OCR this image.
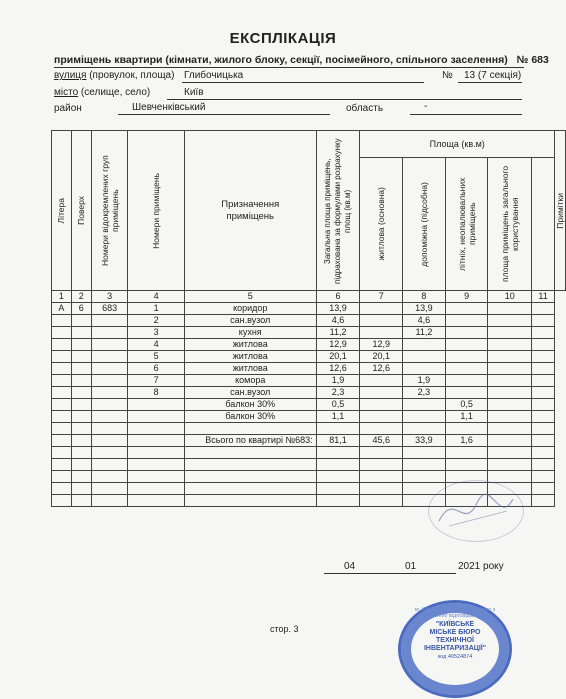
ЕКСПЛІКАЦІЯ
приміщень квартири (кімнати, жилого блоку, секції, посімейного, спільного заселення) № 683
вулиця (провулок, площа) Глибочицька	№ 13 (7 секція)
місто (селище, село)	Київ
район	Шевченківський	область	-
Літера	Поверх	Номери відокремлених груп приміщень	Номери приміщень	Призначення приміщень	Загальна площа приміщень, підрахована за формулами розрахунку площ (кв.м)	Площа (кв.м)					Примітки

						житлова (основна)	допоміжна (підсобна)	літніх, неопалювальних приміщень	площа приміщень загального користування		

1	2	3	4	5	6	7	8	9	10	11	
А	6	683	1	коридор	13,9		13,9				
			2	сан.вузол	4,6		4,6				
			3	кухня	11,2		11,2				
			4	житлова	12,9	12,9					
			5	житлова	20,1	20,1					
			6	житлова	12,6	12,6					
			7	комора	1,9		1,9				
			8	сан.вузол	2,3		2,3				
				балкон 30%	0,5			0,5			
				балкон 30%	1,1			1,1			

				Всього по квартирі №683:	81,1	45,6	33,9	1,6			

04	01	2021 року
стор. 3
м. Київ • Україна • Товариство з обмеженою відповідальністю
"КИЇВСЬКЕ
МІСЬКЕ БЮРО
ТЕХНІЧНОЇ
ІНВЕНТАРИЗАЦІЇ"
код 40524874
